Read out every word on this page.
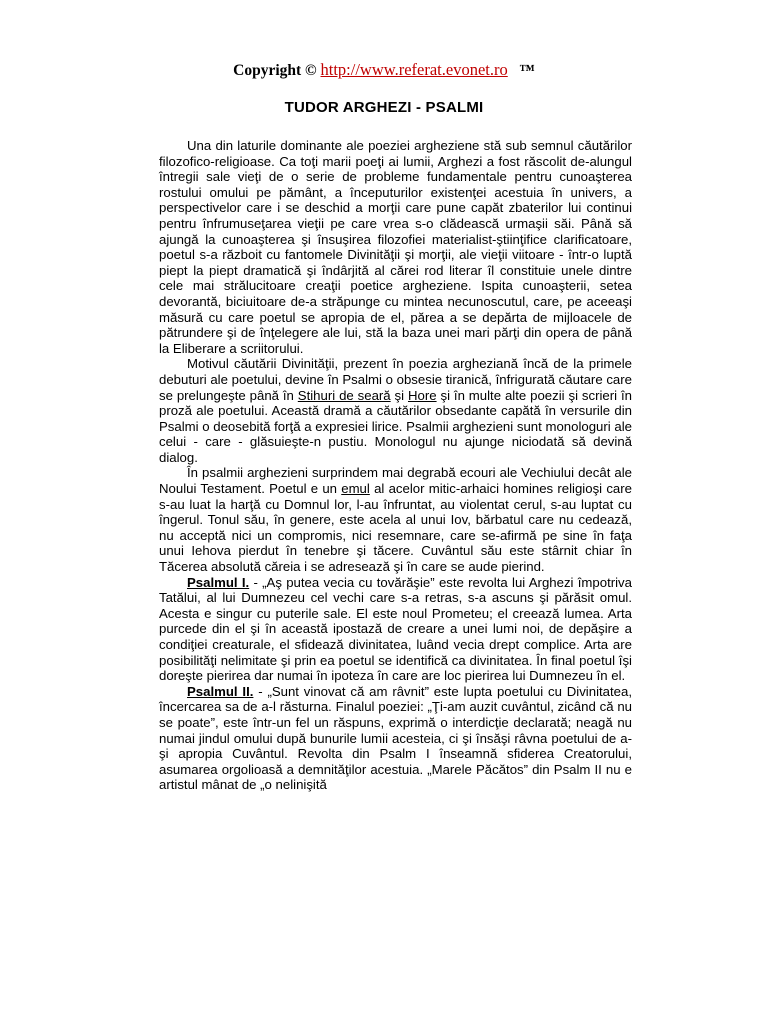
Copyright © http://www.referat.evonet.ro ™
TUDOR ARGHEZI - PSALMI

Una din laturile dominante ale poeziei argheziene stă sub semnul căutărilor filozofico-religioase. Ca toţi marii poeţi ai lumii, Arghezi a fost răscolit de-alungul întregii sale vieţi de o serie de probleme fundamentale pentru cunoaşterea rostului omului pe pământ, a începuturilor existenţei acestuia în univers, a perspectivelor care i se deschid a morţii care pune capăt zbaterilor lui continui pentru înfrumuseţarea vieţii pe care vrea s-o clădească urmaşii săi. Până să ajungă la cunoaşterea şi însuşirea filozofiei materialist-ştiinţifice clarificatoare, poetul s-a războit cu fantomele Divinităţii şi morţii, ale vieţii viitoare - într-o luptă piept la piept dramatică şi îndârjită al cărei rod literar îl constituie unele dintre cele mai strălucitoare creaţii poetice argheziene. Ispita cunoaşterii, setea devorantă, biciuitoare de-a străpunge cu mintea necunoscutul, care, pe aceeaşi măsură cu care poetul se apropia de el, părea a se depărta de mijloacele de pătrundere şi de înţelegere ale lui, stă la baza unei mari părţi din opera de până la Eliberare a scriitorului.

Motivul căutării Divinităţii, prezent în poezia argheziană încă de la primele debuturi ale poetului, devine în Psalmi o obsesie tiranică, înfrigurată căutare care se prelungeşte până în Stihuri de seară şi Hore şi în multe alte poezii şi scrieri în proză ale poetului. Această dramă a căutărilor obsedante capătă în versurile din Psalmi o deosebită forţă a expresiei lirice. Psalmii arghezieni sunt monologuri ale celui - care - glăsuieşte-n pustiu. Monologul nu ajunge niciodată să devină dialog.

În psalmii arghezieni surprindem mai degrabă ecouri ale Vechiului decât ale Noului Testament. Poetul e un emul al acelor mitic-arhaici homines religioşi care s-au luat la harţă cu Domnul lor, l-au înfruntat, au violentat cerul, s-au luptat cu îngerul. Tonul său, în genere, este acela al unui Iov, bărbatul care nu cedează, nu acceptă nici un compromis, nici resemnare, care se-afirmă pe sine în faţa unui Iehova pierdut în tenebre şi tăcere. Cuvântul său este stârnit chiar în Tăcerea absolută căreia i se adresează şi în care se aude pierind.

Psalmul I. - „Aş putea vecia cu tovărăşie” este revolta lui Arghezi împotriva Tatălui, al lui Dumnezeu cel vechi care s-a retras, s-a ascuns şi părăsit omul. Acesta e singur cu puterile sale. El este noul Prometeu; el creează lumea. Arta purcede din el şi în această ipostază de creare a unei lumi noi, de depăşire a condiţiei creaturale, el sfidează divinitatea, luând vecia drept complice. Arta are posibilităţi nelimitate şi prin ea poetul se identifică ca divinitatea. În final poetul îşi doreşte pierirea dar numai în ipoteza în care are loc pierirea lui Dumnezeu în el.

Psalmul II. - „Sunt vinovat că am râvnit” este lupta poetului cu Divinitatea, încercarea sa de a-l răsturna. Finalul poeziei: „Ţi-am auzit cuvântul, zicând că nu se poate”, este într-un fel un răspuns, exprimă o interdicţie declarată; neagă nu numai jindul omului după bunurile lumii acesteia, ci şi însăşi râvna poetului de a-şi apropia Cuvântul. Revolta din Psalm I înseamnă sfiderea Creatorului, asumarea orgolioasă a demnităţilor acestuia. „Marele Păcătos” din Psalm II nu e artistul mânat de „o nelinişită
